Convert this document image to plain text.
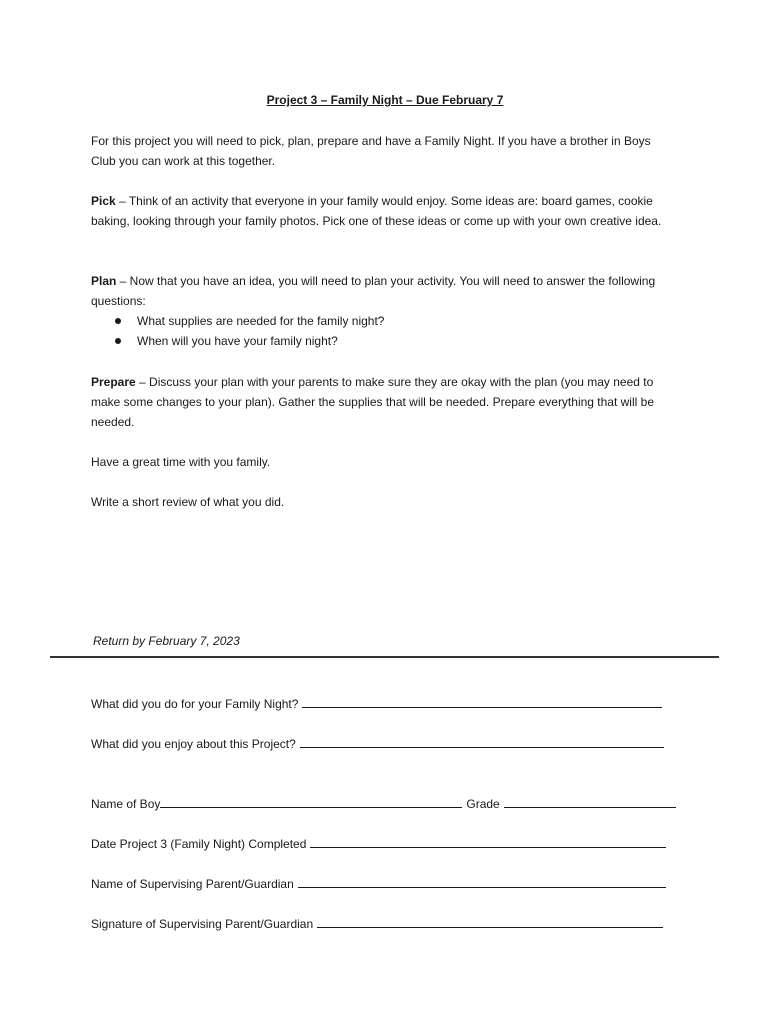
Project 3 – Family Night – Due February 7

For this project you will need to pick, plan, prepare and have a Family Night. If you have a brother in Boys Club you can work at this together.

Pick – Think of an activity that everyone in your family would enjoy. Some ideas are: board games, cookie baking, looking through your family photos. Pick one of these ideas or come up with your own creative idea.

Plan – Now that you have an idea, you will need to plan your activity. You will need to answer the following questions:

What supplies are needed for the family night?
When will you have your family night?

Prepare – Discuss your plan with your parents to make sure they are okay with the plan (you may need to make some changes to your plan). Gather the supplies that will be needed. Prepare everything that will be needed.

Have a great time with you family.

Write a short review of what you did.

Return by February 7, 2023
What did you do for your Family Night?
What did you enjoy about this Project?
Name of Boy	Grade
Date Project 3 (Family Night) Completed
Name of Supervising Parent/Guardian
Signature of Supervising Parent/Guardian
